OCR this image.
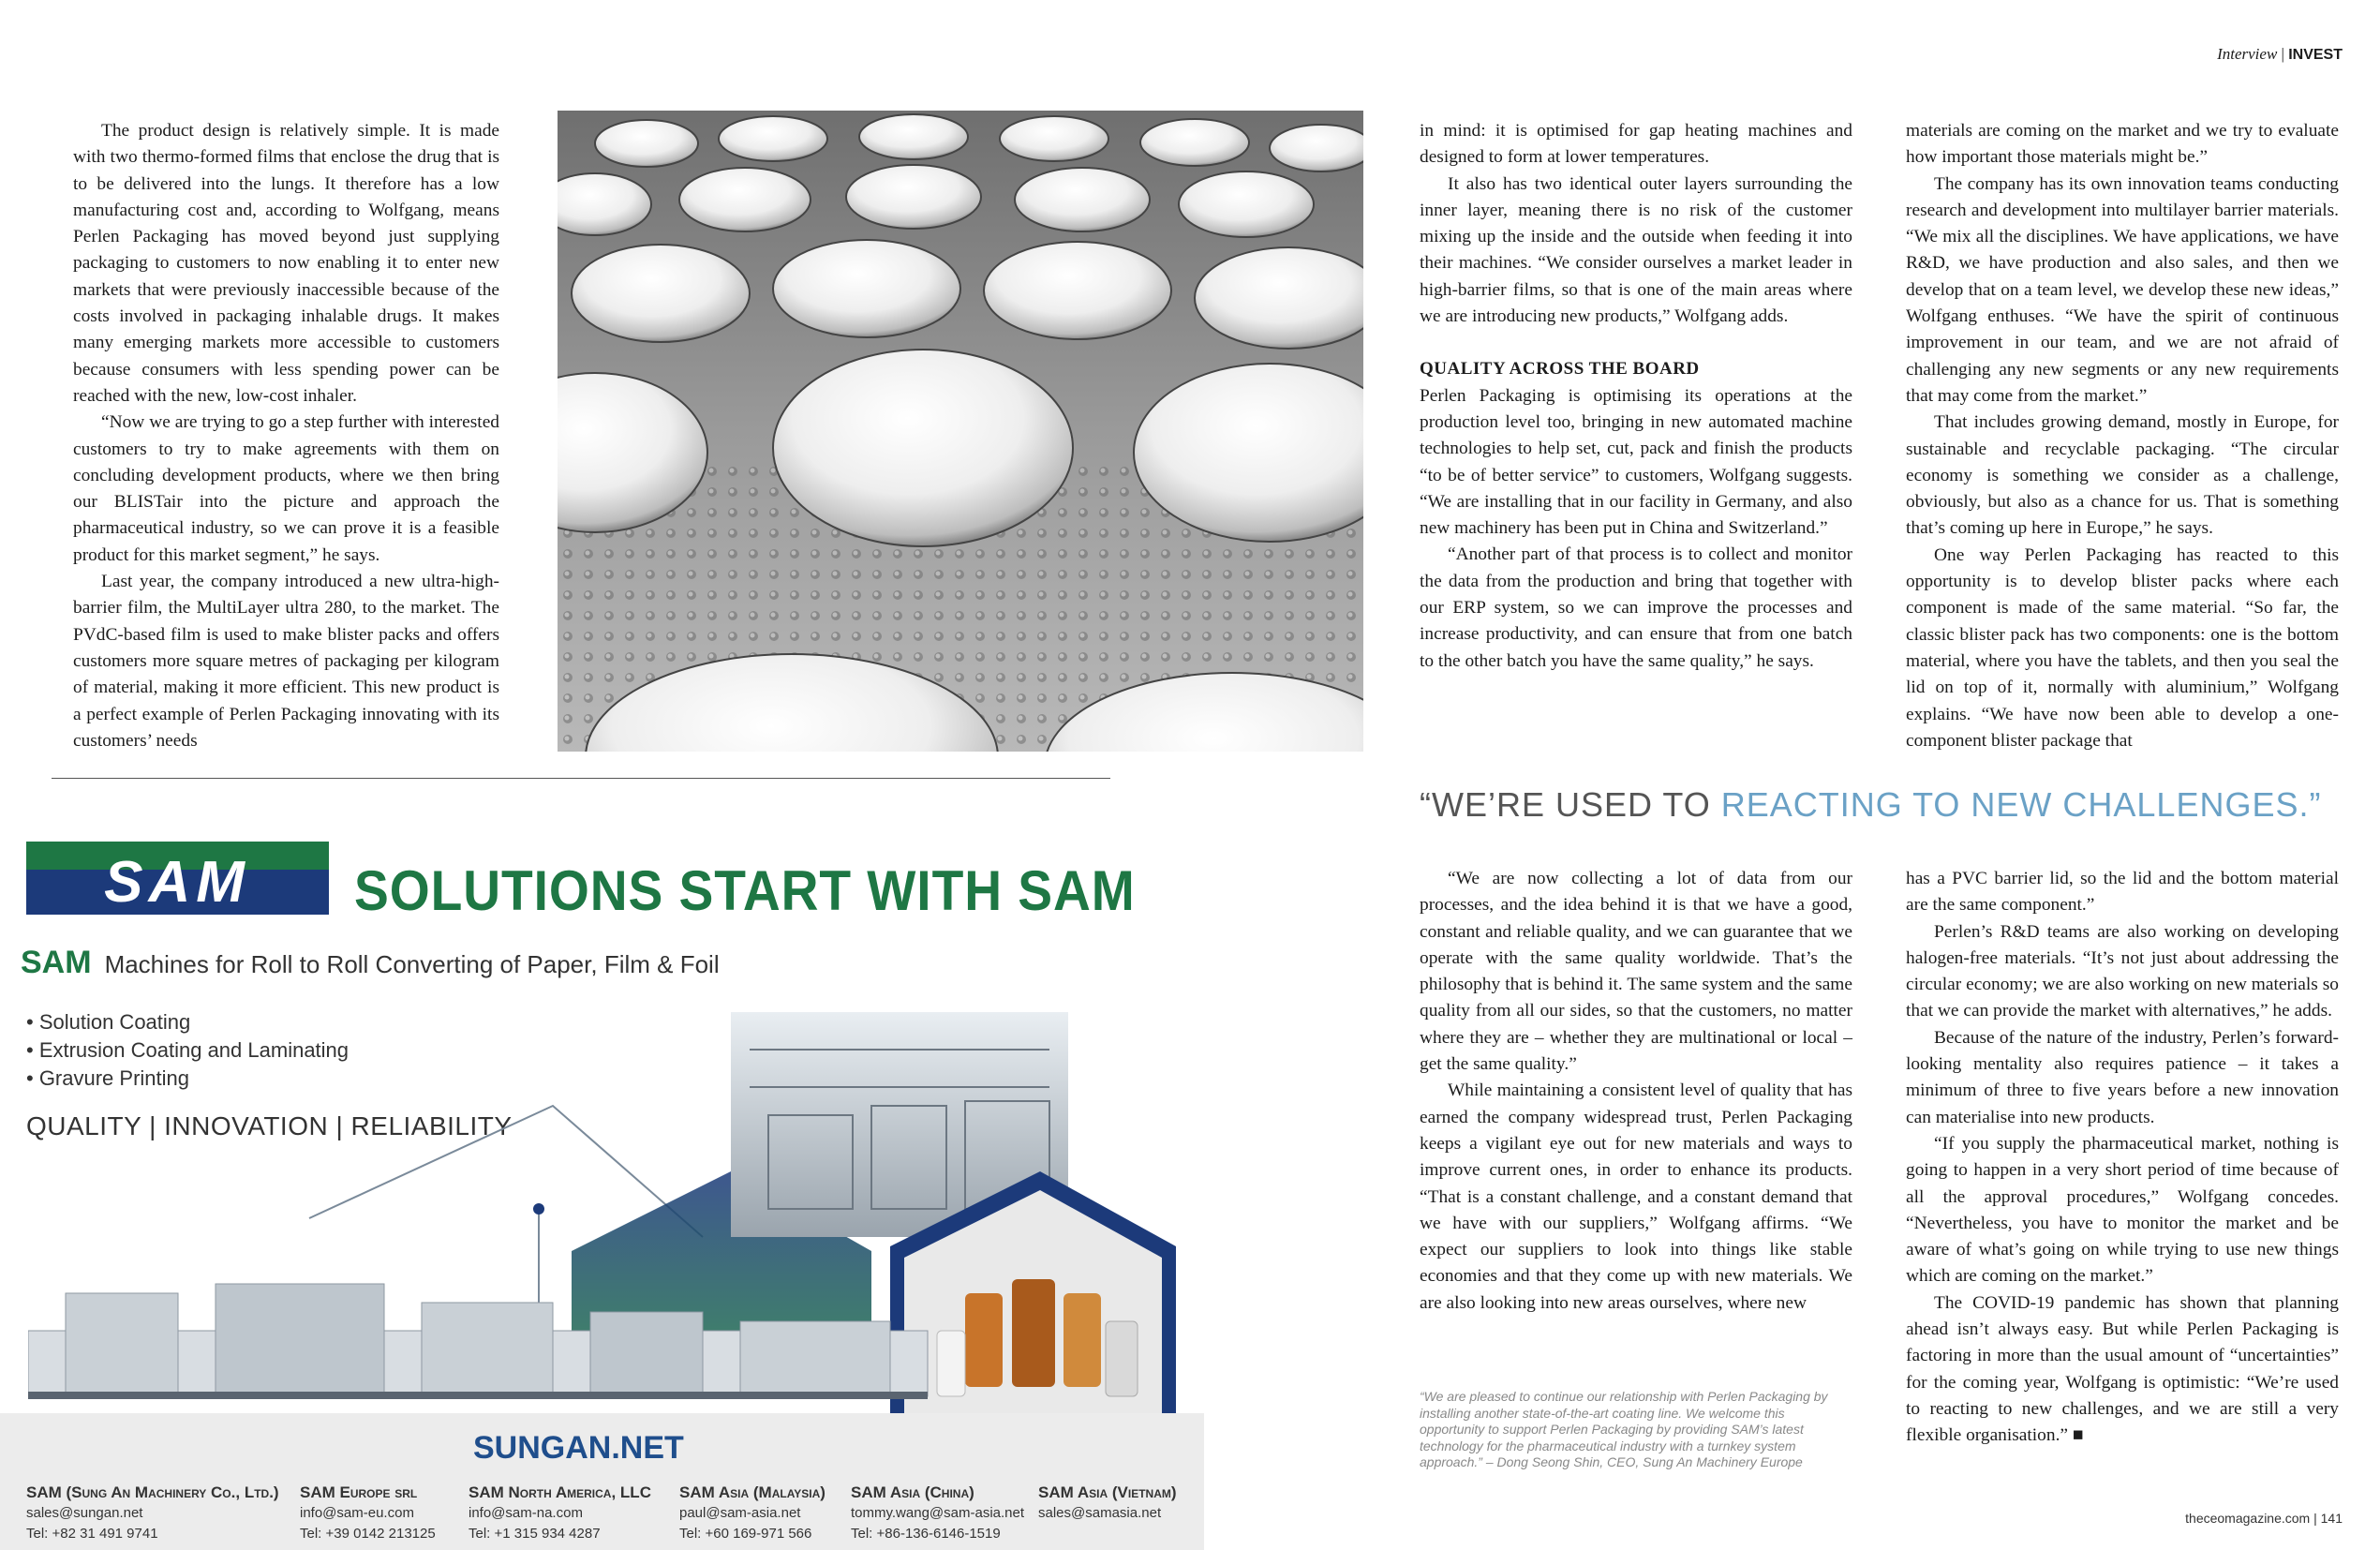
Interview | INVEST

The product design is relatively simple. It is made with two thermo-formed films that enclose the drug that is to be delivered into the lungs. It therefore has a low manufacturing cost and, according to Wolfgang, means Perlen Packaging has moved beyond just supplying packaging to customers to now enabling it to enter new markets that were previously inaccessible because of the costs involved in packaging inhalable drugs. It makes many emerging markets more accessible to customers because consumers with less spending power can be reached with the new, low-cost inhaler.

“Now we are trying to go a step further with interested customers to try to make agreements with them on concluding development products, where we then bring our BLISTair into the picture and approach the pharmaceutical industry, so we can prove it is a feasible product for this market segment,” he says.

Last year, the company introduced a new ultra-high-barrier film, the MultiLayer ultra 280, to the market. The PVdC-based film is used to make blister packs and offers customers more square metres of packaging per kilogram of material, making it more efficient. This new product is a perfect example of Perlen Packaging innovating with its customers’ needs

in mind: it is optimised for gap heating machines and designed to form at lower temperatures.

It also has two identical outer layers surrounding the inner layer, meaning there is no risk of the customer mixing up the inside and the outside when feeding it into their machines. “We consider ourselves a market leader in high-barrier films, so that is one of the main areas where we are introducing new products,” Wolfgang adds.

QUALITY ACROSS THE BOARD

Perlen Packaging is optimising its operations at the production level too, bringing in new automated machine technologies to help set, cut, pack and finish the products “to be of better service” to customers, Wolfgang suggests. “We are installing that in our facility in Germany, and also new machinery has been put in China and Switzerland.”

“Another part of that process is to collect and monitor the data from the production and bring that together with our ERP system, so we can improve the processes and increase productivity, and can ensure that from one batch to the other batch you have the same quality,” he says.

materials are coming on the market and we try to evaluate how important those materials might be.”

The company has its own innovation teams conducting research and development into multilayer barrier materials. “We mix all the disciplines. We have applications, we have R&D, we have production and also sales, and then we develop that on a team level, we develop these new ideas,” Wolfgang enthuses. “We have the spirit of continuous improvement in our team, and we are not afraid of challenging any new segments or any new requirements that may come from the market.”

That includes growing demand, mostly in Europe, for sustainable and recyclable packaging. “The circular economy is something we consider as a challenge, obviously, but also as a chance for us. That is something that’s coming up here in Europe,” he says.

One way Perlen Packaging has reacted to this opportunity is to develop blister packs where each component is made of the same material. “So far, the classic blister pack has two components: one is the bottom material, where you have the tablets, and then you seal the lid on top of it, normally with aluminium,” Wolfgang explains. “We have now been able to develop a one-component blister package that

“WE’RE USED TO REACTING TO NEW CHALLENGES.”

“We are now collecting a lot of data from our processes, and the idea behind it is that we have a good, constant and reliable quality, and we can guarantee that we operate with the same quality worldwide. That’s the philosophy that is behind it. The same system and the same quality from all our sides, so that the customers, no matter where they are – whether they are multinational or local – get the same quality.”

While maintaining a consistent level of quality that has earned the company widespread trust, Perlen Packaging keeps a vigilant eye out for new materials and ways to improve current ones, in order to enhance its products. “That is a constant challenge, and a constant demand that we have with our suppliers,” Wolfgang affirms. “We expect our suppliers to look into things like stable economies and that they come up with new materials. We are also looking into new areas ourselves, where new

has a PVC barrier lid, so the lid and the bottom material are the same component.”

Perlen’s R&D teams are also working on developing halogen-free materials. “It’s not just about addressing the circular economy; we are also working on new materials so that we can provide the market with alternatives,” he adds.

Because of the nature of the industry, Perlen’s forward-looking mentality also requires patience – it takes a minimum of three to five years before a new innovation can materialise into new products.

“If you supply the pharmaceutical market, nothing is going to happen in a very short period of time because of all the approval procedures,” Wolfgang concedes. “Nevertheless, you have to monitor the market and be aware of what’s going on while trying to use new things which are coming on the market.”

The COVID-19 pandemic has shown that planning ahead isn’t always easy. But while Perlen Packaging is factoring in more than the usual amount of “uncertainties” for the coming year, Wolfgang is optimistic: “We’re used to reacting to new challenges, and we are still a very flexible organisation.” ■

“We are pleased to continue our relationship with Perlen Packaging by installing another state-of-the-art coating line. We welcome this opportunity to support Perlen Packaging by providing SAM’s latest technology for the pharmaceutical industry with a turnkey system approach.” – Dong Seong Shin, CEO, Sung An Machinery Europe
SAM SOLUTIONS START WITH SAM
SAM Machines for Roll to Roll Converting of Paper, Film & Foil
• Solution Coating
• Extrusion Coating and Laminating
• Gravure Printing
QUALITY | INNOVATION | RELIABILITY
SUNGAN.NET
SAM (Sung An Machinery Co., Ltd.)
sales@sungan.net
Tel: +82 31 491 9741
SAM Europe srl
info@sam-eu.com
Tel: +39 0142 213125
SAM North America, LLC
info@sam-na.com
Tel: +1 315 934 4287
SAM Asia (Malaysia)
paul@sam-asia.net
Tel: +60 169-971 566
SAM Asia (China)
tommy.wang@sam-asia.net
Tel: +86-136-6146-1519
SAM Asia (Vietnam)
sales@samasia.net	theceomagazine.com | 141
